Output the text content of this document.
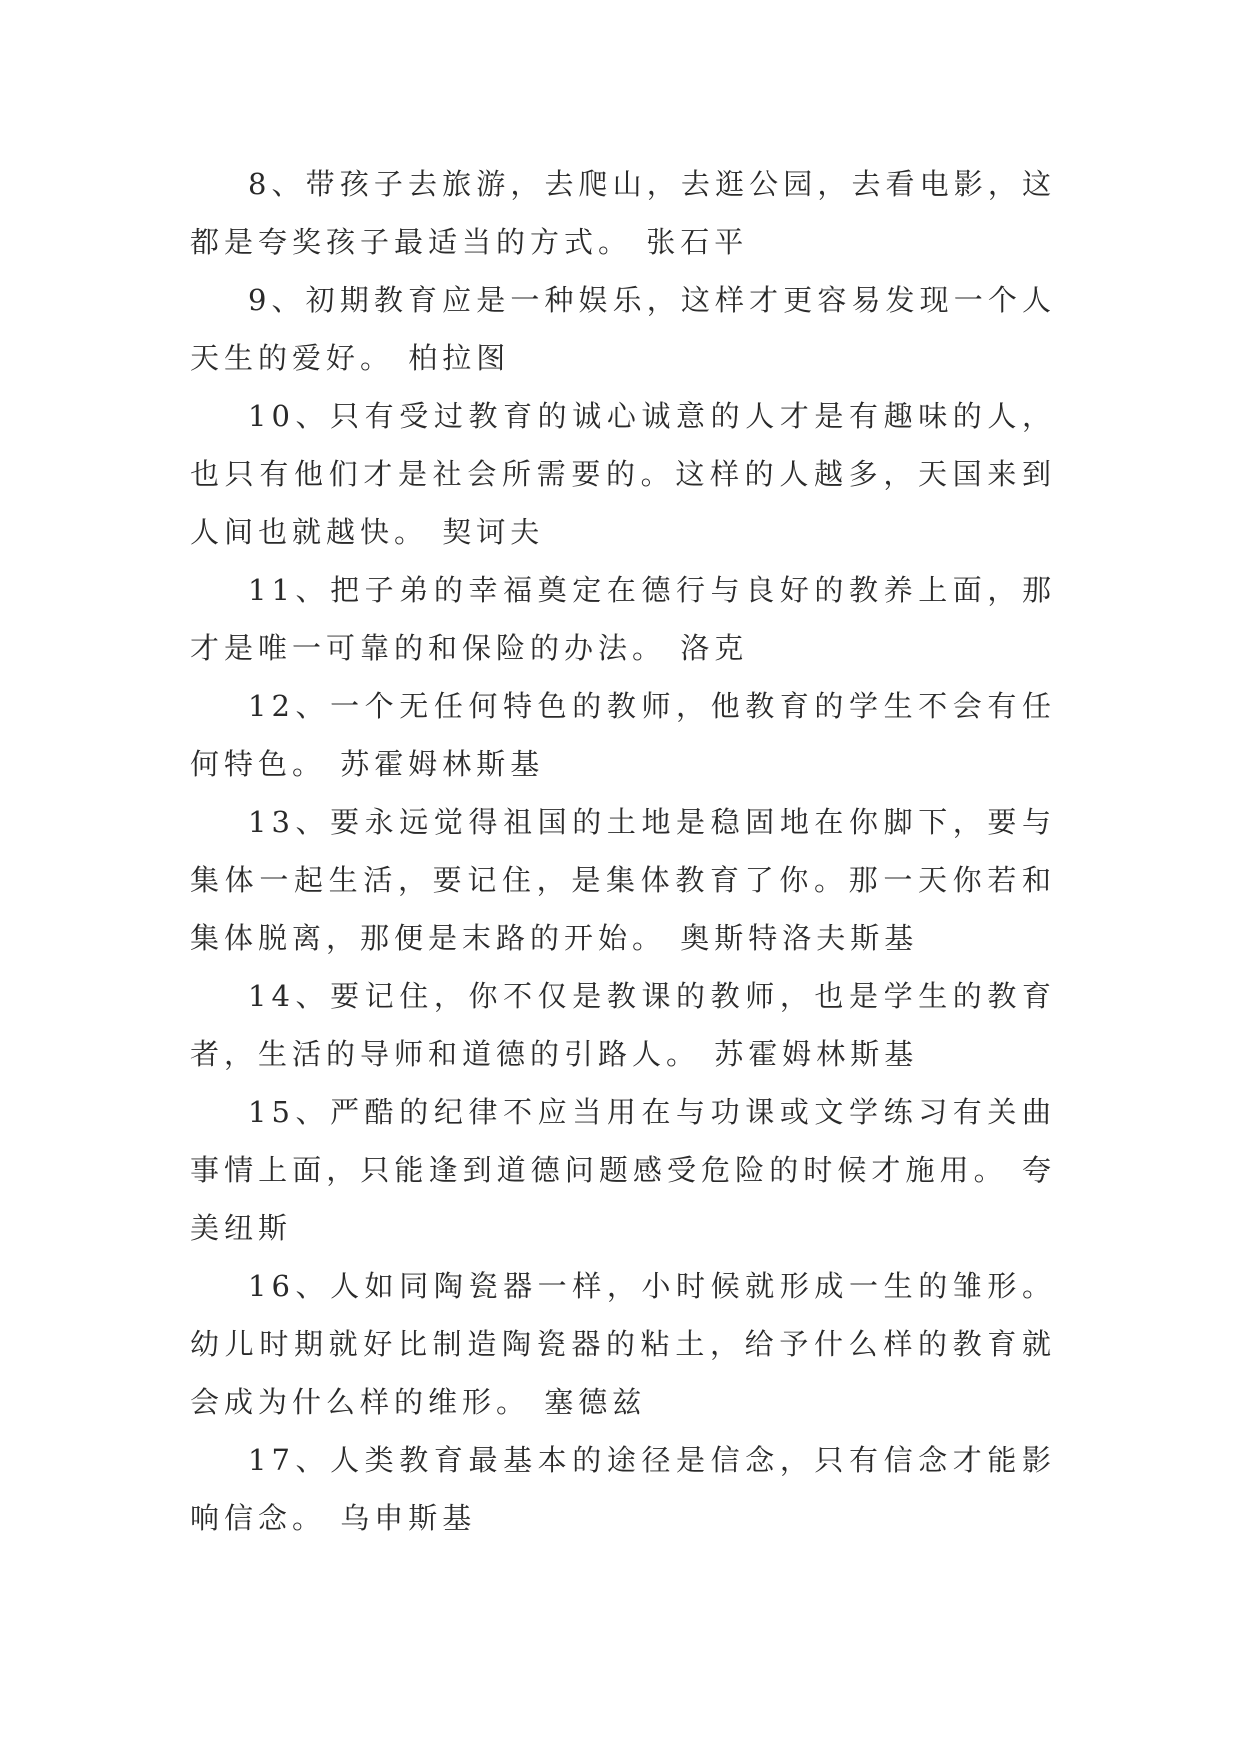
8、带孩子去旅游，去爬山，去逛公园，去看电影，这都是夸奖孩子最适当的方式。 张石平

9、初期教育应是一种娱乐，这样才更容易发现一个人天生的爱好。 柏拉图

10、只有受过教育的诚心诚意的人才是有趣味的人，也只有他们才是社会所需要的。这样的人越多，天国来到人间也就越快。 契诃夫

11、把子弟的幸福奠定在德行与良好的教养上面，那才是唯一可靠的和保险的办法。 洛克

12、一个无任何特色的教师，他教育的学生不会有任何特色。 苏霍姆林斯基

13、要永远觉得祖国的土地是稳固地在你脚下，要与集体一起生活，要记住，是集体教育了你。那一天你若和集体脱离，那便是末路的开始。 奥斯特洛夫斯基

14、要记住，你不仅是教课的教师，也是学生的教育者，生活的导师和道德的引路人。 苏霍姆林斯基

15、严酷的纪律不应当用在与功课或文学练习有关曲事情上面，只能逢到道德问题感受危险的时候才施用。 夸美纽斯

16、人如同陶瓷器一样，小时候就形成一生的雏形。幼儿时期就好比制造陶瓷器的粘土，给予什么样的教育就会成为什么样的维形。 塞德兹

17、人类教育最基本的途径是信念，只有信念才能影响信念。 乌申斯基
